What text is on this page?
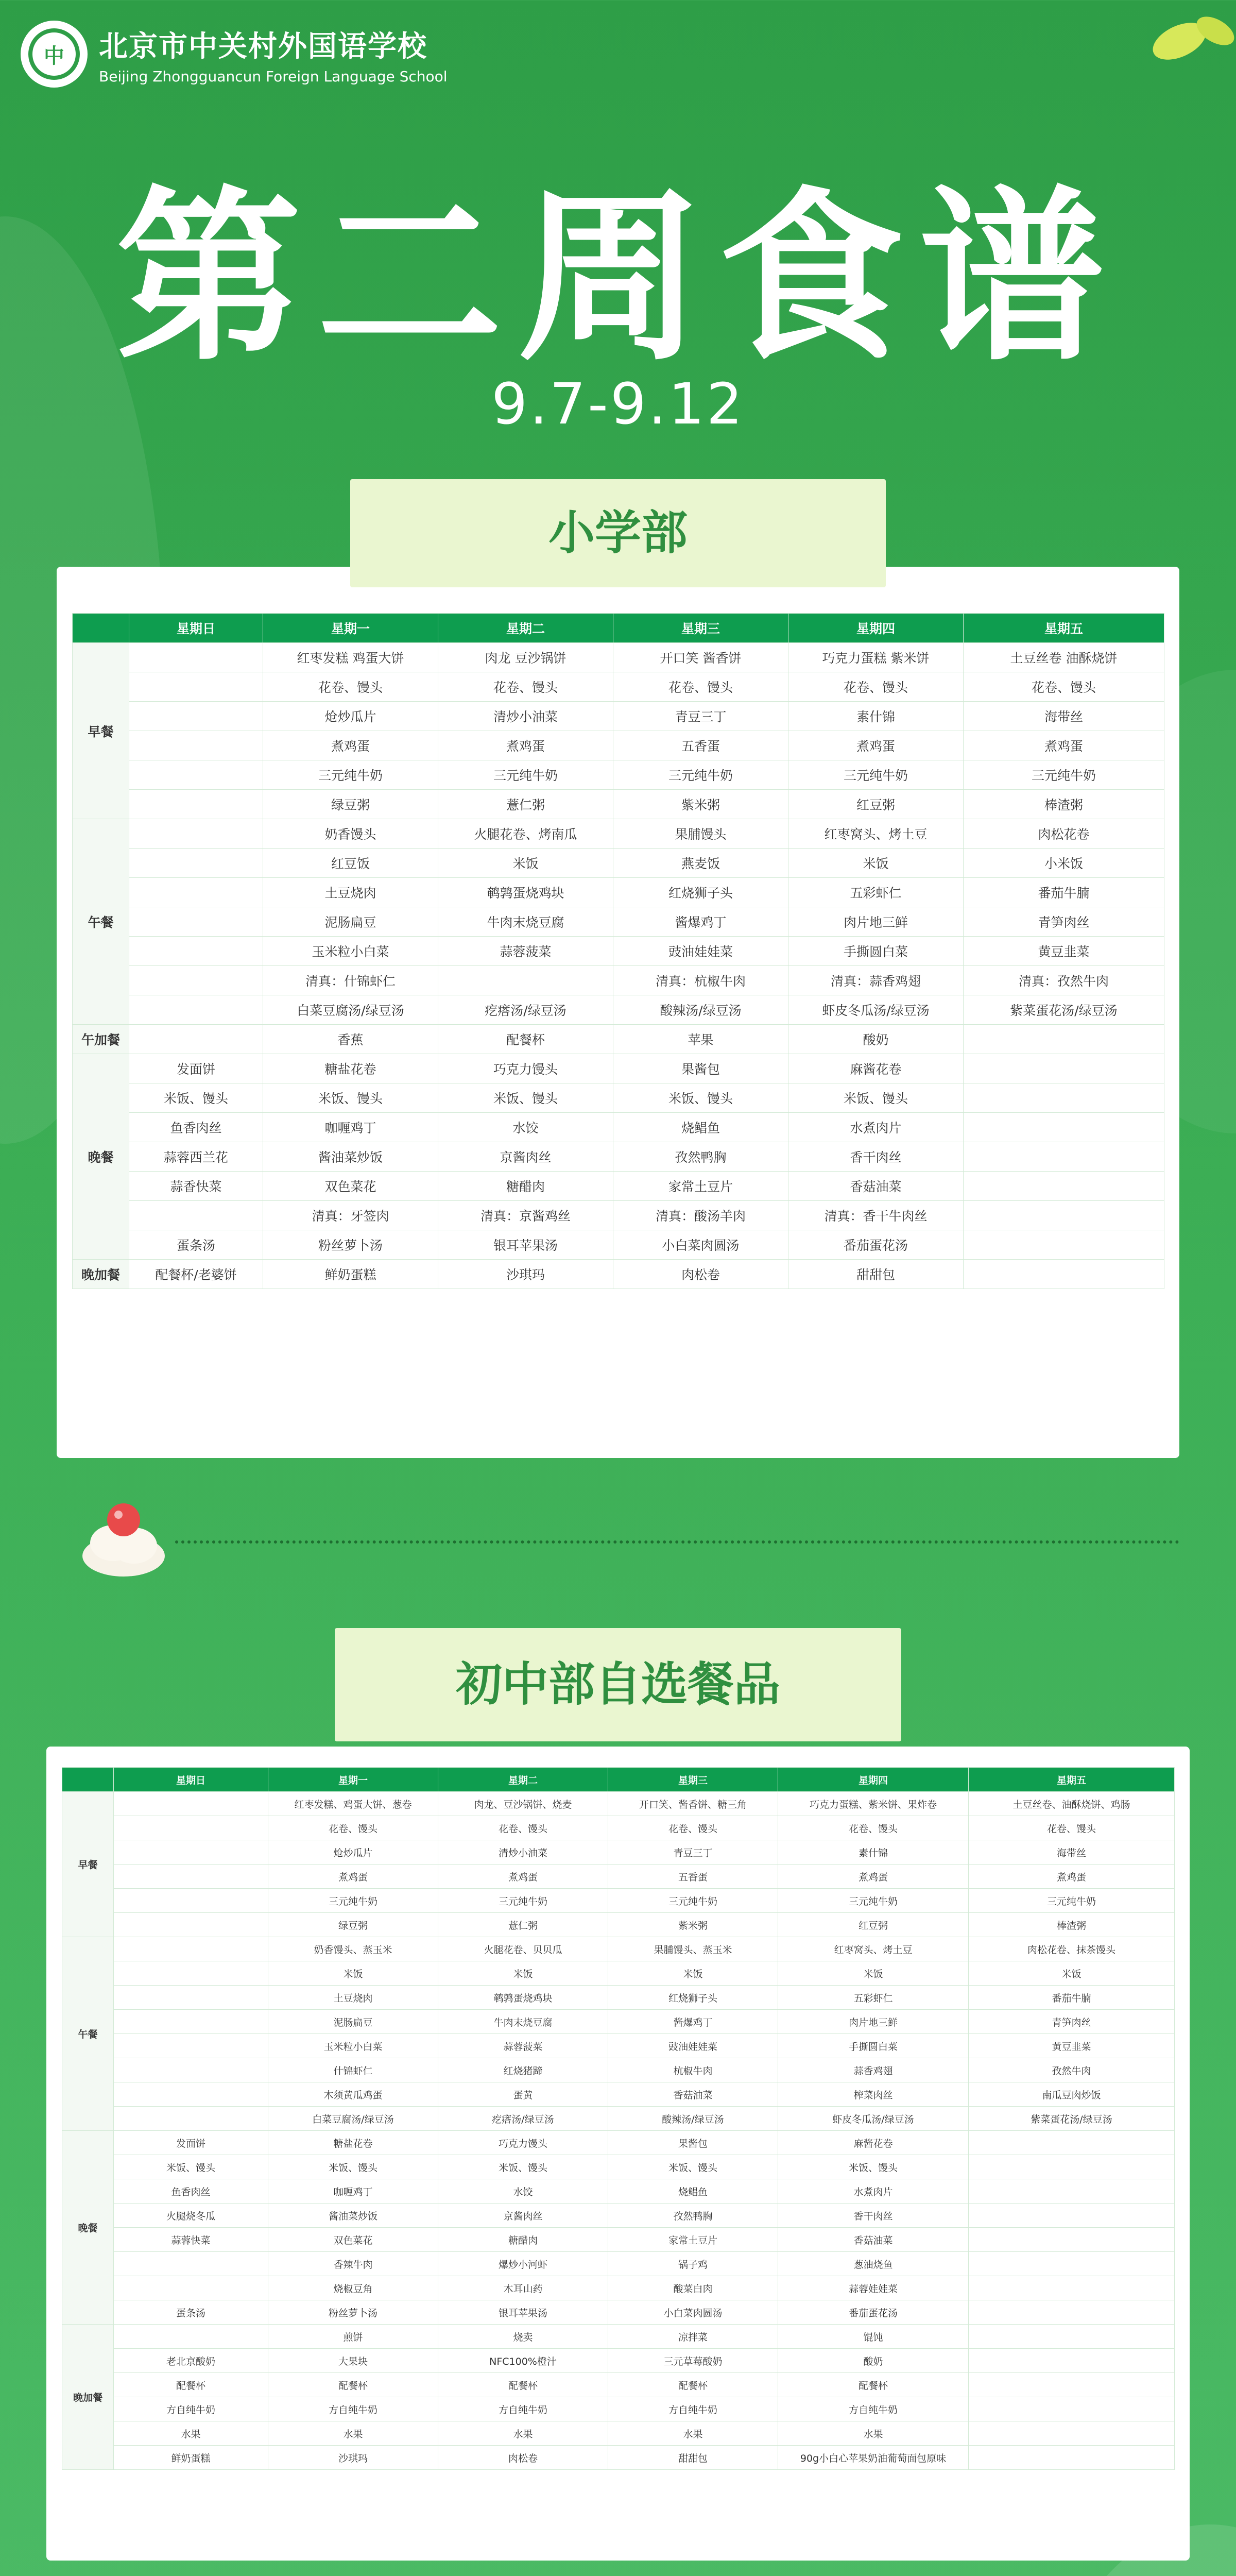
中	北京市中关村外国语学校
Beijing Zhongguancun Foreign Language School
第二周食谱
9.7-9.12
小学部
初中部自选餐品
	星期日	星期一	星期二	星期三	星期四	星期五
早餐		红枣发糕 鸡蛋大饼	肉龙 豆沙锅饼	开口笑 酱香饼	巧克力蛋糕 紫米饼	土豆丝卷 油酥烧饼
		花卷、馒头	花卷、馒头	花卷、馒头	花卷、馒头	花卷、馒头
		炝炒瓜片	清炒小油菜	青豆三丁	素什锦	海带丝
		煮鸡蛋	煮鸡蛋	五香蛋	煮鸡蛋	煮鸡蛋
		三元纯牛奶	三元纯牛奶	三元纯牛奶	三元纯牛奶	三元纯牛奶
		绿豆粥	薏仁粥	紫米粥	红豆粥	棒渣粥
午餐		奶香馒头	火腿花卷、烤南瓜	果脯馒头	红枣窝头、烤土豆	肉松花卷
		红豆饭	米饭	燕麦饭	米饭	小米饭
		土豆烧肉	鹌鹑蛋烧鸡块	红烧狮子头	五彩虾仁	番茄牛腩
		泥肠扁豆	牛肉末烧豆腐	酱爆鸡丁	肉片地三鲜	青笋肉丝
		玉米粒小白菜	蒜蓉菠菜	豉油娃娃菜	手撕圆白菜	黄豆韭菜
		清真：什锦虾仁		清真：杭椒牛肉	清真：蒜香鸡翅	清真：孜然牛肉
		白菜豆腐汤/绿豆汤	疙瘩汤/绿豆汤	酸辣汤/绿豆汤	虾皮冬瓜汤/绿豆汤	紫菜蛋花汤/绿豆汤
午加餐		香蕉	配餐杯	苹果	酸奶	
晚餐	发面饼	糖盐花卷	巧克力馒头	果酱包	麻酱花卷	
	米饭、馒头	米饭、馒头	米饭、馒头	米饭、馒头	米饭、馒头	
	鱼香肉丝	咖喱鸡丁	水饺	烧鲳鱼	水煮肉片	
	蒜蓉西兰花	酱油菜炒饭	京酱肉丝	孜然鸭胸	香干肉丝	
	蒜香快菜	双色菜花	糖醋肉	家常土豆片	香菇油菜	
		清真：牙签肉	清真：京酱鸡丝	清真：酸汤羊肉	清真：香干牛肉丝	
	蛋条汤	粉丝萝卜汤	银耳苹果汤	小白菜肉圆汤	番茄蛋花汤	
晚加餐	配餐杯/老婆饼	鲜奶蛋糕	沙琪玛	肉松卷	甜甜包	
	星期日	星期一	星期二	星期三	星期四	星期五
早餐		红枣发糕、鸡蛋大饼、葱卷	肉龙、豆沙锅饼、烧麦	开口笑、酱香饼、糖三角	巧克力蛋糕、紫米饼、果炸卷	土豆丝卷、油酥烧饼、鸡肠
		花卷、馒头	花卷、馒头	花卷、馒头	花卷、馒头	花卷、馒头
		炝炒瓜片	清炒小油菜	青豆三丁	素什锦	海带丝
		煮鸡蛋	煮鸡蛋	五香蛋	煮鸡蛋	煮鸡蛋
		三元纯牛奶	三元纯牛奶	三元纯牛奶	三元纯牛奶	三元纯牛奶
		绿豆粥	薏仁粥	紫米粥	红豆粥	棒渣粥
午餐		奶香馒头、蒸玉米	火腿花卷、贝贝瓜	果脯馒头、蒸玉米	红枣窝头、烤土豆	肉松花卷、抹茶馒头
		米饭	米饭	米饭	米饭	米饭
		土豆烧肉	鹌鹑蛋烧鸡块	红烧狮子头	五彩虾仁	番茄牛腩
		泥肠扁豆	牛肉末烧豆腐	酱爆鸡丁	肉片地三鲜	青笋肉丝
		玉米粒小白菜	蒜蓉菠菜	豉油娃娃菜	手撕圆白菜	黄豆韭菜
		什锦虾仁	红烧猪蹄	杭椒牛肉	蒜香鸡翅	孜然牛肉
		木须黄瓜鸡蛋	蛋黄	香菇油菜	榨菜肉丝	南瓜豆肉炒饭
		白菜豆腐汤/绿豆汤	疙瘩汤/绿豆汤	酸辣汤/绿豆汤	虾皮冬瓜汤/绿豆汤	紫菜蛋花汤/绿豆汤
晚餐	发面饼	糖盐花卷	巧克力馒头	果酱包	麻酱花卷	
	米饭、馒头	米饭、馒头	米饭、馒头	米饭、馒头	米饭、馒头	
	鱼香肉丝	咖喱鸡丁	水饺	烧鲳鱼	水煮肉片	
	火腿烧冬瓜	酱油菜炒饭	京酱肉丝	孜然鸭胸	香干肉丝	
	蒜蓉快菜	双色菜花	糖醋肉	家常土豆片	香菇油菜	
		香辣牛肉	爆炒小河虾	锅子鸡	葱油烧鱼	
		烧椒豆角	木耳山药	酸菜白肉	蒜蓉娃娃菜	
	蛋条汤	粉丝萝卜汤	银耳苹果汤	小白菜肉圆汤	番茄蛋花汤	
晚加餐		煎饼	烧卖	凉拌菜	馄饨	
	老北京酸奶	大果块	NFC100%橙汁	三元草莓酸奶	酸奶	
	配餐杯	配餐杯	配餐杯	配餐杯	配餐杯	
	方自纯牛奶	方自纯牛奶	方自纯牛奶	方自纯牛奶	方自纯牛奶	
	水果	水果	水果	水果	水果	
	鲜奶蛋糕	沙琪玛	肉松卷	甜甜包	90g小白心苹果奶油葡萄面包原味	
